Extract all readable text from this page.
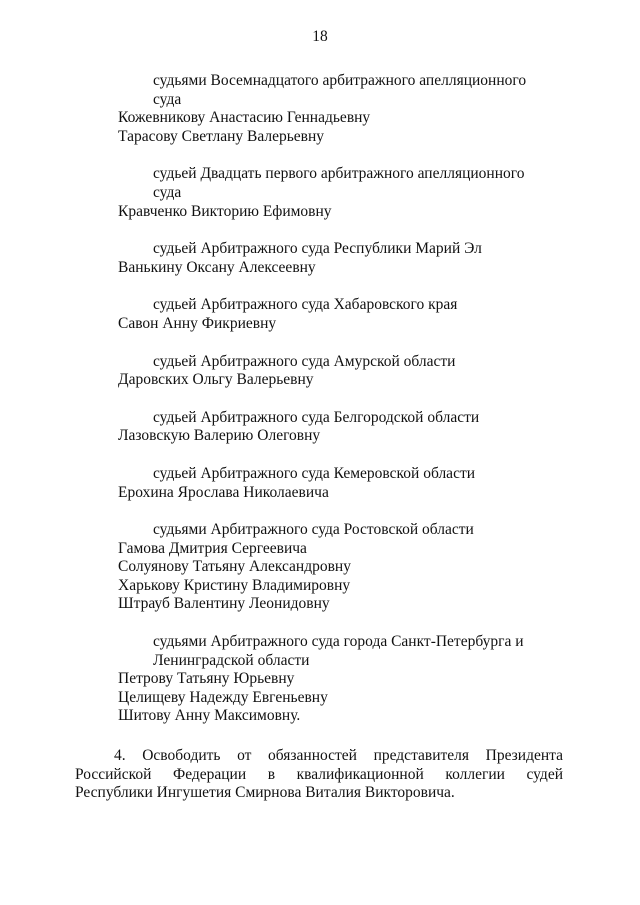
18
судьями Восемнадцатого арбитражного апелляционного
суда
Кожевникову Анастасию Геннадьевну
Тарасову Светлану Валерьевну
судьей Двадцать первого арбитражного апелляционного
суда
Кравченко Викторию Ефимовну
судьей Арбитражного суда Республики Марий Эл
Ванькину Оксану Алексеевну
судьей Арбитражного суда Хабаровского края
Савон Анну Фикриевну
судьей Арбитражного суда Амурской области
Даровских Ольгу Валерьевну
судьей Арбитражного суда Белгородской области
Лазовскую Валерию Олеговну
судьей Арбитражного суда Кемеровской области
Ерохина Ярослава Николаевича
судьями Арбитражного суда Ростовской области
Гамова Дмитрия Сергеевича
Солуянову Татьяну Александровну
Харькову Кристину Владимировну
Штрауб Валентину Леонидовну
судьями Арбитражного суда города Санкт-Петербурга и
Ленинградской области
Петрову Татьяну Юрьевну
Целищеву Надежду Евгеньевну
Шитову Анну Максимовну.
4. Освободить от обязанностей представителя Президента
Российской Федерации в квалификационной коллегии судей
Республики Ингушетия Смирнова Виталия Викторовича.
